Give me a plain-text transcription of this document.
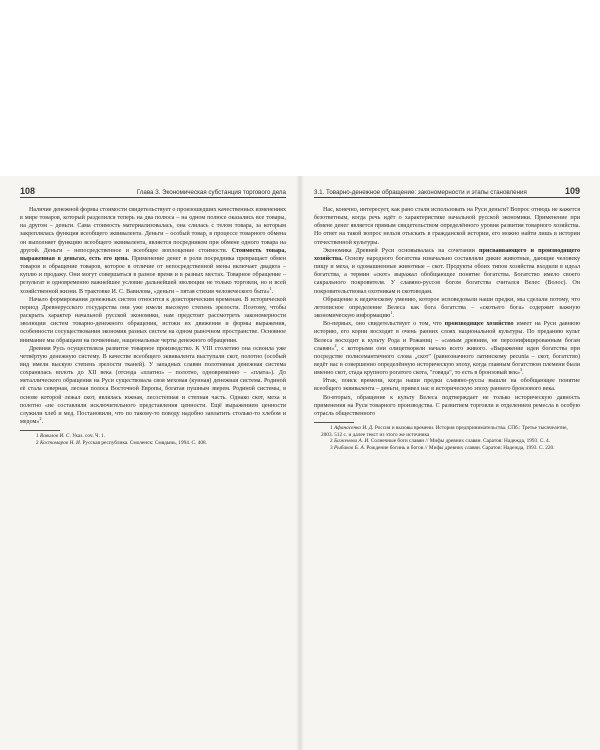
108	Глава 3. Экономическая субстанция торгового дела

Наличие денежной формы стоимости свидетельствует о произошедших качественных изменениях в мире товаров, который разделился теперь на два полюса – на одном полюсе оказались все товары, на другом – деньги. Сама стоимость материализовалась, она слилась с телом товара, за которым закреплялась функция всеобщего эквивалента. Деньги – особый товар, в процессе товарного обмена он выполняет функцию всеобщего эквивалента, является посредником при обмене одного товара на другой. Деньги – непосредственное и всеобщее воплощение стоимости. Стоимость товара, выраженная в деньгах, есть его цена. Применение денег в роли посредника превращает обмен товаров в обращение товаров, которое в отличие от непосредственной мены включает двадкта – куплю и продажу. Они могут совершаться в разное время и в разных местах. Товарное обращение – результат и одновременно важнейшее условие дальнейшей эволюции не только торговли, но и всей хозяйственной жизни. В трактовке И. С. Вавилова, «деньги – пятая стихия человеческого быта»$^1$.

Начало формирования денежных систем относится к доисторическим временам. В исторической период Древнерусского государства они уже имели высокую степень зрелости. Поэтому, чтобы раскрыть характер начальной русской экономики, нам предстоит рассмотреть закономерности эволюции систем товарно-денежного обращения, истоки их движения и формы выражения, особенности сосуществования экономик разных систем на одном рыночном пространстве. Основное внимание мы обращаем на почвенные, национальные черты денежного обращения.

Древняя Русь осуществляла развитое товарное производство. К VIII столетию она освоила уже четвёртую денежную систему. В качестве всеобщего эквивалента выступали скот, полотно (особый вид имели выскую степень зрелости тканей). У западных славян полотняная денежная система сохранялась вплоть до XII века (отсюда «платно» – полотно, одновременно – «плата»). До металлического обращения на Руси существовала своя меховая (кунная) денежная система. Родиной её стала северная, лесная полоса Восточной Европы, богатая пушным зверем. Родиной системы, в основе которой лежал скот, являлась южная, лесостепная и степная часть. Однако скот, меха и полотно «не составляли исключительного представления ценности. Ещё выражением ценности служили хлеб и мед. Постановили, что по такому-то поводу надобно заплатить столько-то хлебом и медом»$^2$.

1 Вавилов И. С. Указ. соч. Ч. 1.

2 Костомаров Н. И. Русская республика. Смоленск: Смядынь, 1994. С. 408.

3.1. Товарно-денежное обращение: закономерности и этапы становления	109

Нас, конечно, интересует, как рано стали использовать на Руси деньги? Вопрос отнюдь не кажется безответным, когда речь идёт о характеристике начальной русской экономики. Применение при обмене денег является прямым свидетельством определённого уровня развития товарного хозяйства. Но ответ на такой вопрос нельзя отыскать в гражданской истории, его можно найти лишь в истории отечественной культуры.

Экономика Древней Руси основывалась на сочетании присваивающего и производящего хозяйства. Основу народного богатства изначально составляли дикие животные, дающие человеку пищу и меха, и одомашненные животные – скот. Продукты обоих типов хозяйства входили в идеал богатства, а термин «скот» выражал обобщающее понятие богатства. Богатство имело своего сакрального покровителя. У славяно-руссов богом богатства считался Велес (Волос). Он покровительствовал охотникам и скотоводам.

Обращение к ведическому умению, которое исповедовали наши предки, мы сделали потому, что летописное определение Велеса как бога богатства – «скотьего бога» содержит важную экономическую информацию$^1$.

Во-первых, оно свидетельствует о том, что производящее хозяйство имеет на Руси давнюю историю, его корни восходят в очень ранних слоях национальной культуры. По преданию культ Велеса восходит к культу Рода и Рожаниц – «самым древним, не персонифицированным богам славян»$^2$, с которыми они олицетворяли начало всего живого. «Выражение идеи богатства при посредстве полисемантичного слова „скот" (равнозначного латинскому pecunia – скот, богатство) ведёт нас в совершенно определённую историческую эпоху, когда главным богатством племени были именно скот, стада крупного рогатого скота, "говяда", то есть в бронзовый век»$^3$.

Итак, поиск времени, когда наши предки славяно-руссы вышли на обобщающее понятие всеобщего эквивалента – деньги, привел нас в историческую эпоху раннего бронзового века.

Во-вторых, обращение к культу Велеса подтверждает не только историческую давность применения на Руси товарного производства. С развитием торговли и отделением ремесла в особую отрасль общественного

1 Афанасенко И. Д. Россия и вызовы времени. История предпринимательства. СПб.: Третье тысячелетие, 2003. 512 с. и далее текст из этого же источника

2 Баженова А. И. Солнечные боги славян // Мифы древних славян. Саратов: Надежда, 1993. С. 4.

3 Рыбаков Б. А. Рождение богинь и богов // Мифы древних славян. Саратов: Надежда, 1993. С. 220.
